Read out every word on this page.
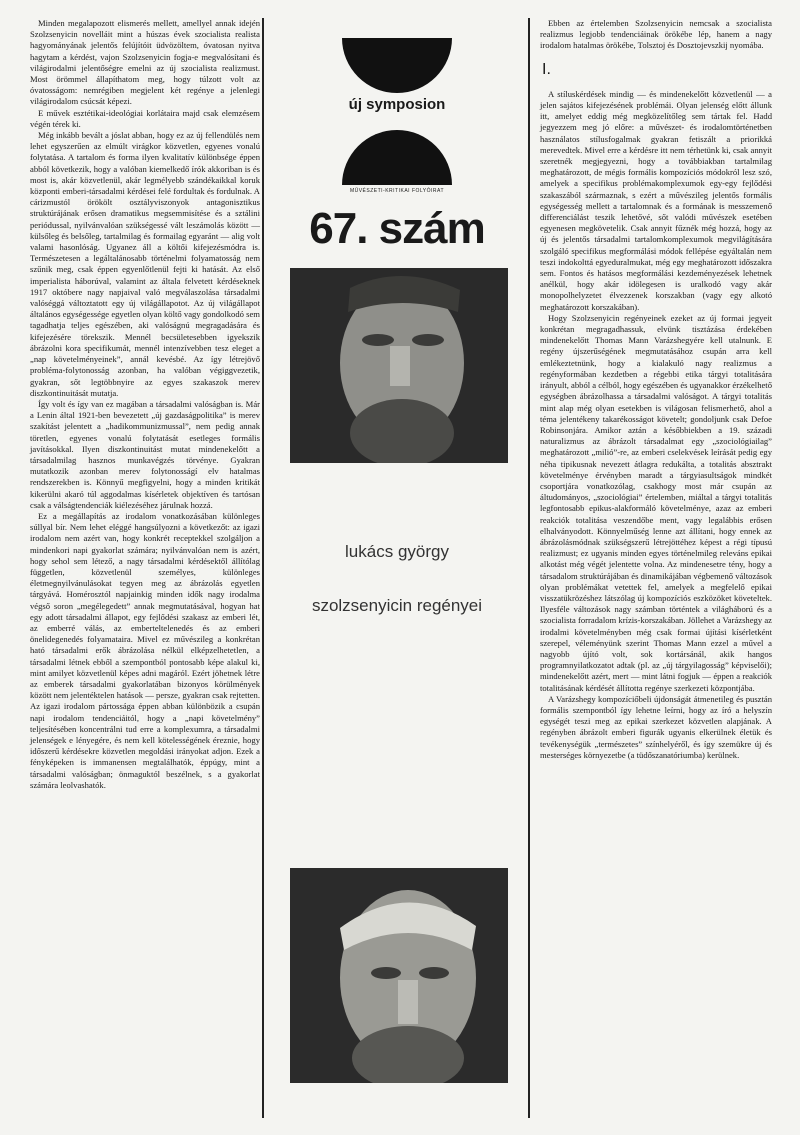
Minden megalapozott elismerés mellett, amellyel annak idején Szolzsenyicin novelláit mint a húszas évek szocialista realista hagyományának jelentős felújítóit üdvözöltem, óvatosan nyitva hagytam a kérdést, vajon Szolzsenyicin fogja-e megvalósítani és világirodalmi jelentőségre emelni az új szocialista realizmust. Most örömmel állapíthatom meg, hogy túlzott volt az óvatosságom: nemrégiben megjelent két regénye a jelenlegi világirodalom csúcsát képezi.

E művek esztétikai-ideológiai korlátaira majd csak elemzésem végén térek ki.

Még inkább bevált a jóslat abban, hogy ez az új fellendülés nem lehet egyszerűen az elmúlt virágkor közvetlen, egyenes vonalú folytatása. A tartalom és forma ilyen kvalitatív különbsége éppen abból következik, hogy a valóban kiemelkedő írók akkoriban is és most is, akár közvetlenül, akár legmélyebb szándékaikkal koruk központi emberi-társadalmi kérdései felé fordultak és fordulnak. A cárizmustól örökölt osztályviszonyok antagonisztikus struktúrájának erősen dramatikus megsemmisítése és a sztálini periódussal, nyilvánvalóan szükségessé vált leszámolás között — külsőleg és belsőleg, tartalmilag és formailag egyaránt — alig volt valami hasonlóság. Ugyanez áll a költői kifejezésmódra is. Természetesen a legáltalánosabb történelmi folyamatosság nem szűnik meg, csak éppen egyenlőtlenül fejti ki hatását. Az első imperialista háborúval, valamint az általa felvetett kérdéseknek 1917 októbere nagy napjaival való megválaszolása társadalmi valóséggá változtatott egy új világállapotot. Az új világállapot általános egységessége egyetlen olyan költő vagy gondolkodó sem tagadhatja teljes egészében, aki valóságnú megragadására és kifejezésére törekszik. Mennél becsületesebben igyekszik ábrázolni kora specifikumát, mennél intenzívebben tesz eleget a „nap követelményeinek”, annál kevésbé. Az így létrejövő probléma-folytonosság azonban, ha valóban végiggvezetik, gyakran, sőt legtöbbnyire az egyes szakaszok merev diszkontinuitását mutatja.

Így volt és így van ez magában a társadalmi valóságban is. Már a Lenin által 1921-ben bevezetett „új gazdaságpolitika” is merev szakítást jelentett a „hadikommunizmussal”, nem pedig annak töretlen, egyenes vonalú folytatását esetleges formális javításokkal. Ilyen diszkontinuitást mutat mindenekelőtt a társadalmilag hasznos munkavégzés törvénye. Gyakran mutatkozik azonban merev folytonosságí elv hatalmas rendszerekben is. Könnyű megfigyelni, hogy a minden kritikát kikerülni akaró túl aggodalmas kísérletek objektíven és tartósan csak a válságtendenciák kiélezéséhez járulnak hozzá.

Ez a megállapítás az irodalom vonatkozásában különleges súllyal bír. Nem lehet eléggé hangsúlyozni a következőt: az igazi irodalom nem azért van, hogy konkrét receptekkel szolgáljon a mindenkori napi gyakorlat számára; nyilvánvalóan nem is azért, hogy sehol sem létező, a nagy társadalmi kérdésektől állítólag független, közvetlenül személyes, különleges életmegnyilvánulásokat tegyen meg az ábrázolás egyetlen tárgyává. Homérosztól napjainkig minden idők nagy irodalma végső soron „megélegedett” annak megmutatásával, hogyan hat egy adott társadalmi állapot, egy fejlődési szakasz az emberi lét, az emberré válás, az emberteltelenedés és az emberi önelidegenedés folyamataira. Mivel ez művészileg a konkrétan ható társadalmi erők ábrázolása nélkül elképzelhetetlen, a társadalmi létnek ebből a szempontból pontosabb képe alakul ki, mint amilyet közvetlenül képes adni magáról. Ezért jöhetnek létre az emberek társadalmi gyakorlatában bizonyos körülmények között nem jelentéktelen hatások — persze, gyakran csak rejtetten. Az igazi irodalom pártossága éppen abban különbözik a csupán napi irodalom tendenciáitól, hogy a „napi követelmény” teljesítésében koncentrálni tud erre a komplexumra, a társadalmi jelenségek e lényegére, és nem kell kötelességének éreznie, hogy időszerű kérdésekre közvetlen megoldási irányokat adjon. Ezek a fényképeken is immanensen megtalálhatók, éppúgy, mint a társadalmi valóságban; önmaguktól beszélnek, s a gyakorlat számára leolvashatók.

új symposion
MŰVÉSZETI-KRITIKAI FOLYÓIRAT
67. szám
lukács györgy
szolzsenyicin regényei

Ebben az értelemben Szolzsenyicin nemcsak a szocialista realizmus legjobb tendenciáinak örökébe lép, hanem a nagy irodalom hatalmas örökébe, Tolsztoj és Dosztojevszkij nyomába.

I.

A stíluskérdések mindig — és mindenekelőtt közvetlenül — a jelen sajátos kifejezésének problémái. Olyan jelenség előtt állunk itt, amelyet eddig még megközelítőleg sem tártak fel. Hadd jegyezzem meg jó előre: a művészet- és irodalomtörténetben használatos stílusfogalmak gyakran fetiszált a priorikká merevedtek. Mivel erre a kérdésre itt nem térhetünk ki, csak annyit szeretnék megjegyezni, hogy a továbbiakban tartalmilag meghatározott, de mégis formális kompozíciós módokról lesz szó, amelyek a specifikus problémakomplexumok egy-egy fejlődési szakaszából származnak, s ezért a művészileg jelentős formális egységesség mellett a tartalomnak és a formának is messzemenő differenciálást teszik lehetővé, sőt valódi művészek esetében egyenesen megkövetelik. Csak annyit fűznék még hozzá, hogy az új és jelentős társadalmi tartalomkomplexumok megvilágítására szolgáló specifikus megformálási módok fellépése egyáltalán nem teszi indokolttá egyeduralmukat, még egy meghatározott időszakra sem. Fontos és hatásos megformálási kezdeményezések lehetnek anélkül, hogy akár idölegesen is uralkodó vagy akár monopolhelyzetet élvezzenek korszakban (vagy egy alkotó meghatározott korszakában).

Hogy Szolzsenyicin regényeinek ezeket az új formai jegyeit konkrétan megragadhassuk, elvünk tisztázása érdekében mindenekelőtt Thomas Mann Varázshegyére kell utalnunk. E regény újszerűségének megmutatásához csupán arra kell emlékeztetnünk, hogy a kialakuló nagy realizmus a regényformában kezdetben a régebbi etika tárgyi totalitására irányult, abból a célból, hogy egészében és ugyanakkor érzékelhető egységben ábrázolhassa a társadalmi valóságot. A tárgyi totalitás mint alap még olyan esetekben is világosan felismerhető, ahol a téma jelentékeny takarékosságot követelt; gondoljunk csak Defoe Robinsonjára. Amikor aztán a későbbiekben a 19. századi naturalizmus az ábrázolt társadalmat egy „szociológiailag” meghatározott „milió”-re, az emberi cselekvések leírását pedig egy néha tipikusnak nevezett átlagra redukálta, a totalitás absztrakt követelménye érvényben maradt a tárgyiasultságok mindkét csoportjára vonatkozólag, csakhogy most már csupán az áltudományos, „szociológiai” értelemben, miáltal a tárgyi totalitás legfontosabb epikus-alakformáló követelménye, azaz az emberi reakciók totalitása veszendőbe ment, vagy legalábbis erősen elhalványodott. Könnyelműség lenne azt állítani, hogy ennek az ábrázolásmódnak szükségszerű létrejöttéhez képest a régi típusú realizmust; ez ugyanis minden egyes történelmileg releváns epikai alkotást még végét jelentette volna. Az mindenesetre tény, hogy a társadalom struktúrájában és dinamikájában végbemenő változások olyan problémákat vetettek fel, amelyek a megfelelő epikai visszatükrözéshez látszólag új kompozíciós eszközöket követeltek. Ilyesféle változások nagy számban történtek a világháború és a szocialista forradalom krízis-korszakában. Jöllehet a Varázshegy az irodalmi követelményben még csak formai újítási kísérletként szerepel, véleményünk szerint Thomas Mann ezzel a művel a nagyobb újító volt, sok kortársánál, akik hangos programnyilatkozatot adtak (pl. az „új tárgyilagosság” képviselői); mindenekelőtt azért, mert — mint látni fogjuk — éppen a reakciók totalitásának kérdését állította regénye szerkezeti központjába.

A Varázshegy kompozíciőbeli újdonságát átmenetileg és pusztán formális szempontból így lehetne leírni, hogy az író a helyszín egységét teszi meg az epikai szerkezet közvetlen alapjának. A regényben ábrázolt emberi figurák ugyanis elkerülnek életük és tevékenységük „természetes” színhelyéről, és így szemükre új és mesterséges környezetbe (a tüdőszanatóriumba) kerülnek.
